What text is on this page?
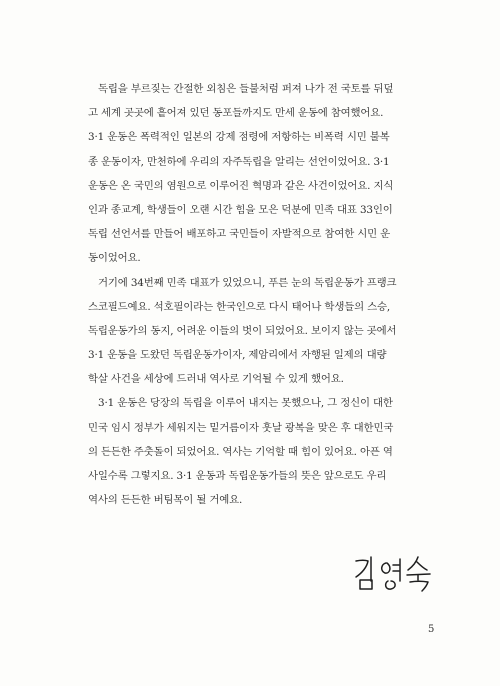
독립을 부르짖는 간절한 외침은 들불처럼 퍼져 나가 전 국토를 뒤덮
고 세계 곳곳에 흩어져 있던 동포들까지도 만세 운동에 참여했어요.
3·1 운동은 폭력적인 일본의 강제 점령에 저항하는 비폭력 시민 불복
종 운동이자, 만천하에 우리의 자주독립을 알리는 선언이었어요. 3·1
운동은 온 국민의 염원으로 이루어진 혁명과 같은 사건이었어요. 지식
인과 종교계, 학생들이 오랜 시간 힘을 모은 덕분에 민족 대표 33인이
독립 선언서를 만들어 배포하고 국민들이 자발적으로 참여한 시민 운
동이었어요.
거기에 34번째 민족 대표가 있었으니, 푸른 눈의 독립운동가 프랭크
스코필드예요. 석호필이라는 한국인으로 다시 태어나 학생들의 스승,
독립운동가의 동지, 어려운 이들의 벗이 되었어요. 보이지 않는 곳에서
3·1 운동을 도왔던 독립운동가이자, 제암리에서 자행된 일제의 대량
학살 사건을 세상에 드러내 역사로 기억될 수 있게 했어요.
3·1 운동은 당장의 독립을 이루어 내지는 못했으나, 그 정신이 대한
민국 임시 정부가 세워지는 밑거름이자 훗날 광복을 맞은 후 대한민국
의 든든한 주춧돌이 되었어요. 역사는 기억할 때 힘이 있어요. 아픈 역
사일수록 그렇지요. 3·1 운동과 독립운동가들의 뜻은 앞으로도 우리
역사의 든든한 버팀목이 될 거예요.
5
